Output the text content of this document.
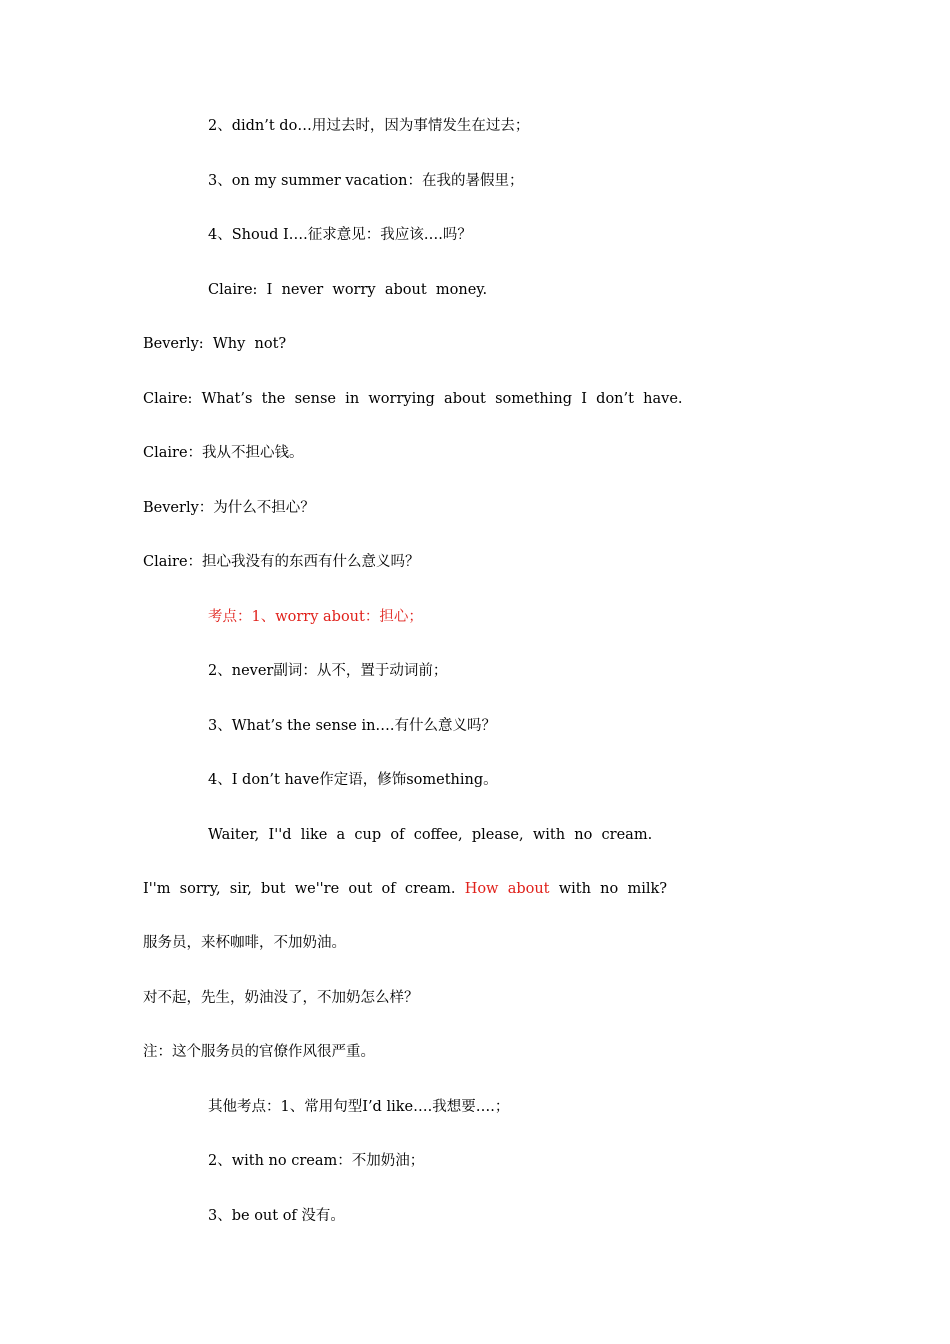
2、didn’t do…用过去时，因为事情发生在过去；

3、on my summer vacation：在我的暑假里；

4、Shoud I….征求意见：我应该….吗？

Claire:  I  never  worry  about  money.

Beverly:  Why  not?

Claire:  What’s  the  sense  in  worrying  about  something  I  don’t  have.

Claire：我从不担心钱。

Beverly：为什么不担心？

Claire：担心我没有的东西有什么意义吗？

考点：1、worry about：担心；

2、never副词：从不，置于动词前；

3、What’s the sense in….有什么意义吗？

4、I don’t have作定语，修饰something。

Waiter,  I''d  like  a  cup  of  coffee,  please,  with  no  cream.

I''m  sorry,  sir,  but  we''re  out  of  cream.  How  about  with  no  milk?

服务员，来杯咖啡，不加奶油。

对不起，先生，奶油没了，不加奶怎么样？

注：这个服务员的官僚作风很严重。

其他考点：1、常用句型I’d like….我想要….；

2、with no cream：不加奶油；

3、be out of 没有。
